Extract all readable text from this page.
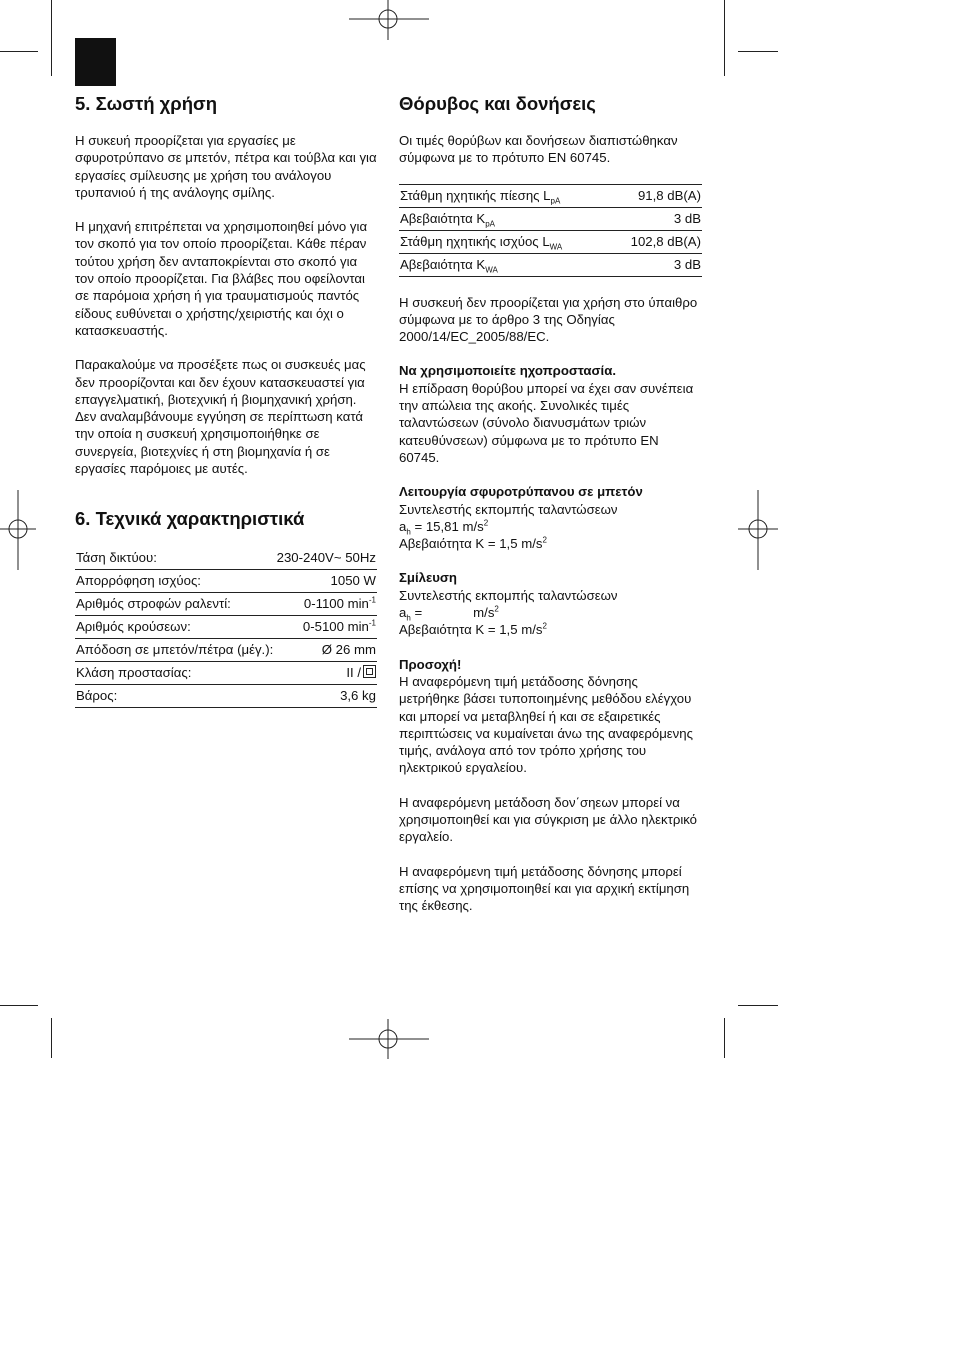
5. Σωστή χρήση

Η συκευή προορίζεται για εργασίες με σφυροτρύπανο σε μπετόν, πέτρα και τούβλα και για εργασίες σμίλευσης με χρήση του ανάλογου τρυπανιού ή της ανάλογης σμίλης.

Η μηχανή επιτρέπεται να χρησιμοποιηθεί μόνο για τον σκοπό για τον οποίο προορίζεται. Κάθε πέραν τούτου χρήση δεν ανταποκρίενται στο σκοπό για τον οποίο προορίζεται. Για βλάβες που οφείλονται σε παρόμοια χρήση ή για τραυματισμούς παντός είδους ευθύνεται ο χρήστης/χειριστής και όχι ο κατασκευαστής.

Παρακαλούμε να προσέξετε πως οι συσκευές μας δεν προορίζονται και δεν έχουν κατασκευαστεί για επαγγελματική, βιοτεχνική ή βιομηχανική χρήση. Δεν αναλαμβάνουμε εγγύηση σε περίπτωση κατά την οποία η συσκευή χρησιμοποιήθηκε σε συνεργεία, βιοτεχνίες ή στη βιομηχανία ή σε εργασίες παρόμοιες με αυτές.

6. Τεχνικά χαρακτηριστικά
Τάση δικτύου:	230-240V~ 50Hz
Απορρόφηση ισχύος:	1050 W
Αριθμός στροφών ραλεντί:	0-1100 $\min^{-1}$
Αριθμός κρούσεων:	0-5100 $\min^{-1}$
Απόδοση σε μπετόν/πέτρα (μέγ.):	Ø 26 mm
Κλάση προστασίας:	II /
Βάρος:	3,6 kg
Θόρυβος και δονήσεις

Οι τιμές θορύβων και δονήσεων διαπιστώθηκαν σύμφωνα με το πρότυπο EN 60745.

Στάθμη ηχητικής πίεσης $L_{pA}$	91,8 dB(A)
Αβεβαιότητα $K_{pA}$	3 dB
Στάθμη ηχητικής ισχύος $L_{WA}$	102,8 dB(A)
Αβεβαιότητα $K_{WA}$	3 dB

Η συσκευή δεν προορίζεται για χρήση στο ύπαιθρο σύμφωνα με το άρθρο 3 της Οδηγίας 2000/14/EC_2005/88/EC.

Να χρησιμοποιείτε ηχοπροστασία.

Η επίδραση θορύβου μπορεί να έχει σαν συνέπεια την απώλεια της ακοής. Συνολικές τιμές ταλαντώσεων (σύνολο διανυσμάτων τριών κατευθύνσεων) σύμφωνα με το πρότυπο EN 60745.

Λειτουργία σφυροτρύπανου σε μπετόν

Συντελεστής εκπομπής ταλαντώσεων

$a_h = 15,81$ $m/s^2$

Αβεβαιότητα K = 1,5 $m/s^2$

Σμίλευση

Συντελεστής εκπομπής ταλαντώσεων

$a_h$ =	$m/s^2$

Αβεβαιότητα K = 1,5 $m/s^2$

Προσοχή!

Η αναφερόμενη τιμή μετάδοσης δόνησης μετρήθηκε βάσει τυποποιημένης μεθόδου ελέγχου και μπορεί να μεταβληθεί ή και σε εξαιρετικές περιπτώσεις να κυμαίνεται άνω της αναφερόμενης τιμής, ανάλογα από τον τρόπο χρήσης του ηλεκτρικού εργαλείου.

Η αναφερόμενη μετάδοση δον΄σηεων μπορεί να χρησιμοποιηθεί και για σύγκριση με άλλο ηλεκτρικό εργαλείο.

Η αναφερόμενη τιμή μετάδοσης δόνησης μπορεί επίσης να χρησιμοποιηθεί και για αρχική εκτίμηση της έκθεσης.
